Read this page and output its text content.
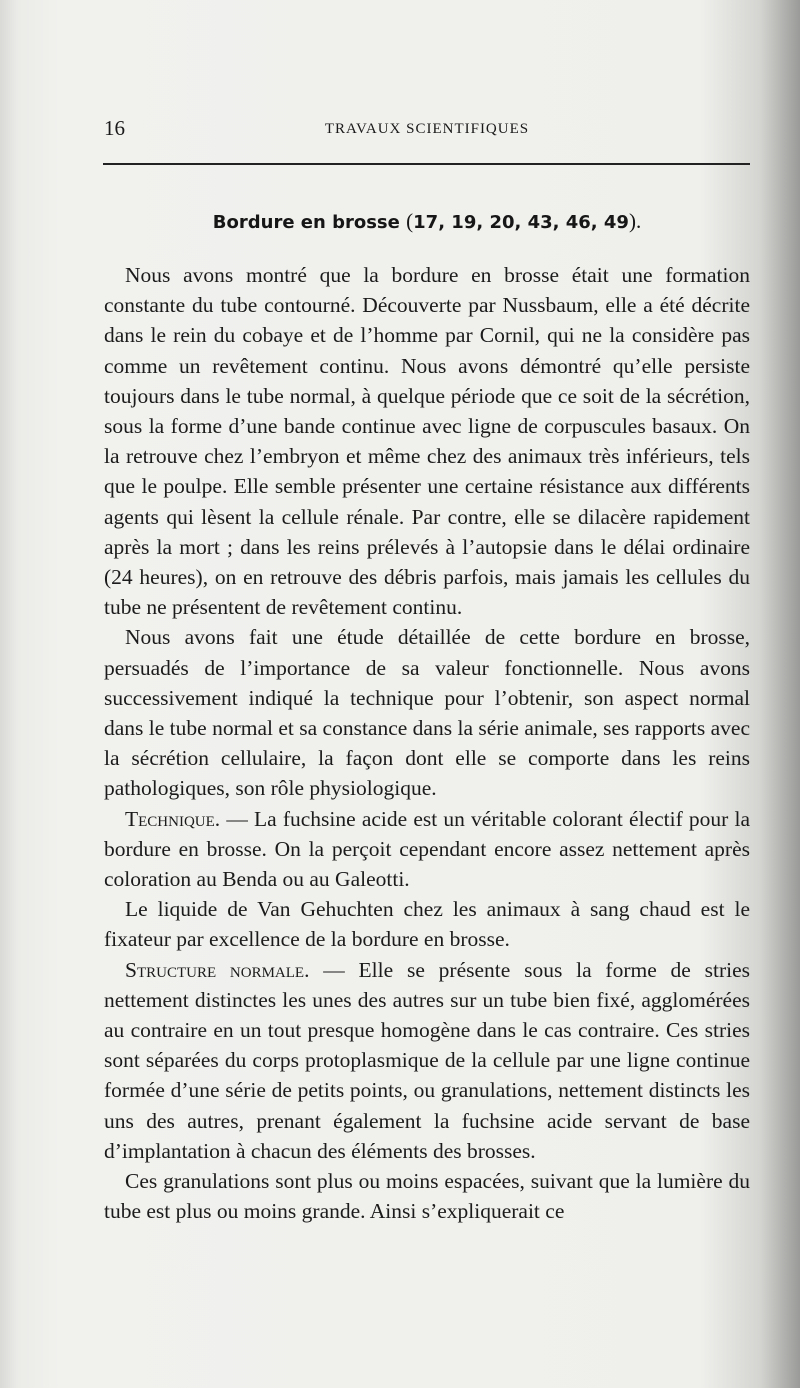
16	TRAVAUX SCIENTIFIQUES
Bordure en brosse (17, 19, 20, 43, 46, 49).

Nous avons montré que la bordure en brosse était une formation constante du tube contourné. Découverte par Nussbaum, elle a été décrite dans le rein du cobaye et de l’homme par Cornil, qui ne la considère pas comme un revêtement continu. Nous avons démontré qu’elle persiste toujours dans le tube normal, à quelque période que ce soit de la sécrétion, sous la forme d’une bande continue avec ligne de corpuscules basaux. On la retrouve chez l’embryon et même chez des animaux très inférieurs, tels que le poulpe. Elle semble présenter une certaine résistance aux différents agents qui lèsent la cellule rénale. Par contre, elle se dilacère rapidement après la mort ; dans les reins prélevés à l’autopsie dans le délai ordinaire (24 heures), on en retrouve des débris parfois, mais jamais les cellules du tube ne présentent de revêtement continu.

Nous avons fait une étude détaillée de cette bordure en brosse, persuadés de l’importance de sa valeur fonctionnelle. Nous avons successivement indiqué la technique pour l’obtenir, son aspect normal dans le tube normal et sa constance dans la série animale, ses rapports avec la sécrétion cellulaire, la façon dont elle se comporte dans les reins pathologiques, son rôle physiologique.

Technique. — La fuchsine acide est un véritable colorant électif pour la bordure en brosse. On la perçoit cependant encore assez nettement après coloration au Benda ou au Galeotti.

Le liquide de Van Gehuchten chez les animaux à sang chaud est le fixateur par excellence de la bordure en brosse.

Structure normale. — Elle se présente sous la forme de stries nettement distinctes les unes des autres sur un tube bien fixé, agglomérées au contraire en un tout presque homogène dans le cas contraire. Ces stries sont séparées du corps protoplasmique de la cellule par une ligne continue formée d’une série de petits points, ou granulations, nettement distincts les uns des autres, prenant également la fuchsine acide servant de base d’implantation à chacun des éléments des brosses.

Ces granulations sont plus ou moins espacées, suivant que la lumière du tube est plus ou moins grande. Ainsi s’expliquerait ce
